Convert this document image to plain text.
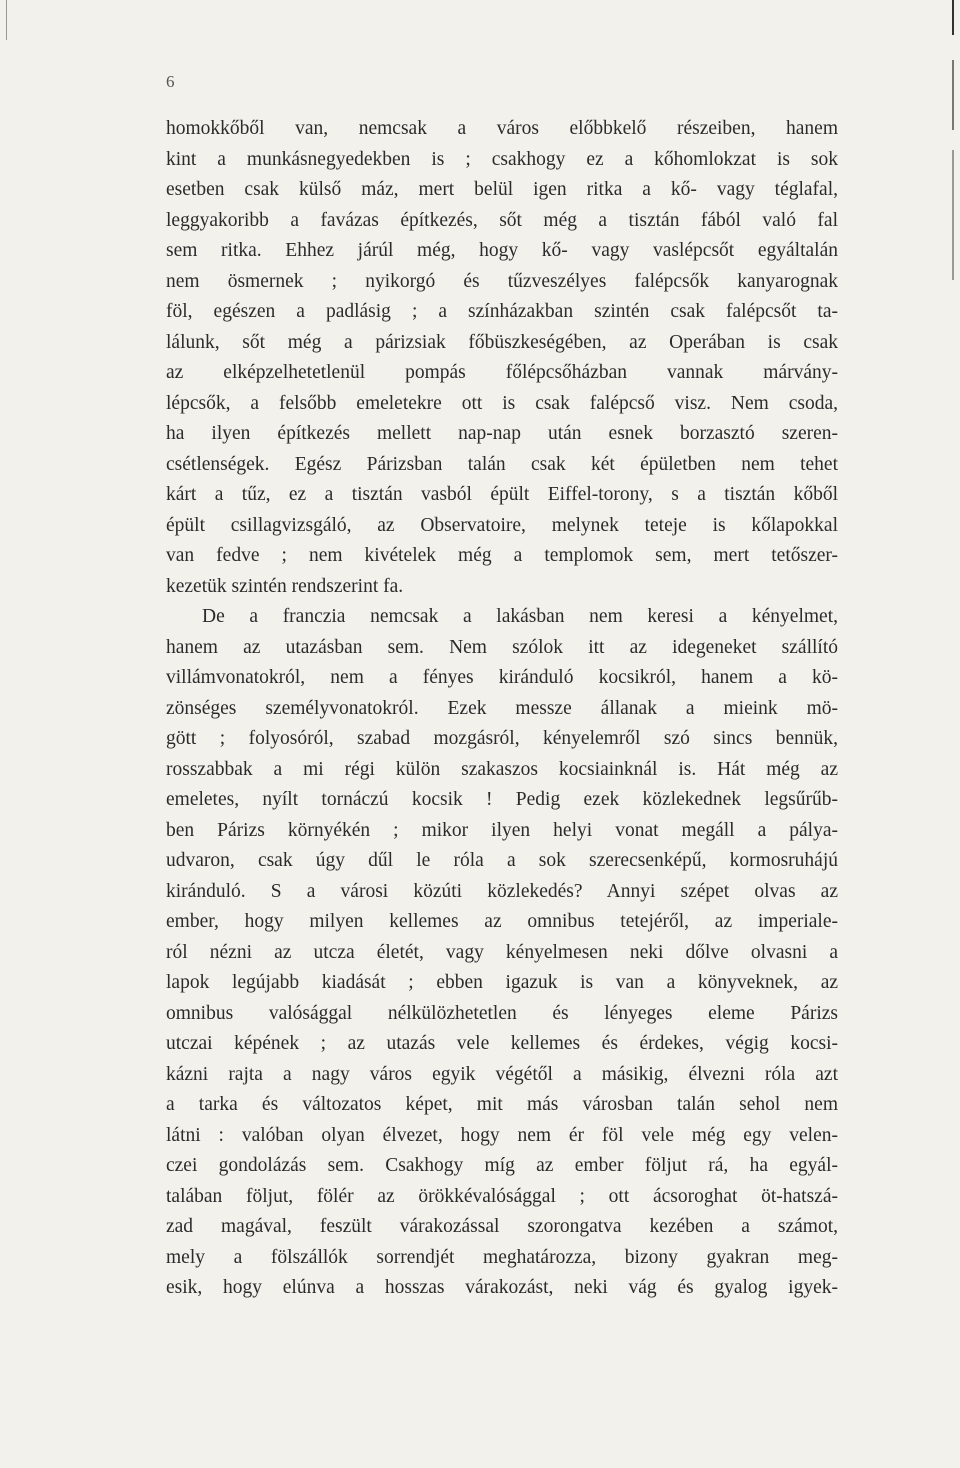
6
homokkőből van, nemcsak a város előbbkelő részeiben, hanem
kint a munkásnegyedekben is ; csakhogy ez a kőhomlokzat is sok
esetben csak külső máz, mert belül igen ritka a kő- vagy téglafal,
leggyakoribb a favázas építkezés, sőt még a tisztán fából való fal
sem ritka. Ehhez járúl még, hogy kő- vagy vaslépcsőt egyáltalán
nem ösmernek ; nyikorgó és tűzveszélyes falépcsők kanyarognak
föl, egészen a padlásig ; a színházakban szintén csak falépcsőt ta-
lálunk, sőt még a párizsiak főbüszkeségében, az Operában is csak
az elképzelhetetlenül pompás főlépcsőházban vannak márvány-
lépcsők, a felsőbb emeletekre ott is csak falépcső visz. Nem csoda,
ha ilyen építkezés mellett nap-nap után esnek borzasztó szeren-
csétlenségek. Egész Párizsban talán csak két épületben nem tehet
kárt a tűz, ez a tisztán vasból épült Eiffel-torony, s a tisztán kőből
épült csillagvizsgáló, az Observatoire, melynek teteje is kőlapokkal
van fedve ; nem kivételek még a templomok sem, mert tetőszer-
kezetük szintén rendszerint fa.
De a franczia nemcsak a lakásban nem keresi a kényelmet,
hanem az utazásban sem. Nem szólok itt az idegeneket szállító
villámvonatokról, nem a fényes kiránduló kocsikról, hanem a kö-
zönséges személyvonatokról. Ezek messze állanak a mieink mö-
gött ; folyosóról, szabad mozgásról, kényelemről szó sincs bennük,
rosszabbak a mi régi külön szakaszos kocsiainknál is. Hát még az
emeletes, nyílt tornáczú kocsik ! Pedig ezek közlekednek legsűrűb-
ben Párizs környékén ; mikor ilyen helyi vonat megáll a pálya-
udvaron, csak úgy dűl le róla a sok szerecsenképű, kormosruhájú
kiránduló. S a városi közúti közlekedés? Annyi szépet olvas az
ember, hogy milyen kellemes az omnibus tetejéről, az imperiale-
ról nézni az utcza életét, vagy kényelmesen neki dőlve olvasni a
lapok legújabb kiadását ; ebben igazuk is van a könyveknek, az
omnibus valósággal nélkülözhetetlen és lényeges eleme Párizs
utczai képének ; az utazás vele kellemes és érdekes, végig kocsi-
kázni rajta a nagy város egyik végétől a másikig, élvezni róla azt
a tarka és változatos képet, mit más városban talán sehol nem
látni : valóban olyan élvezet, hogy nem ér föl vele még egy velen-
czei gondolázás sem. Csakhogy míg az ember följut rá, ha egyál-
talában följut, fölér az örökkévalósággal ; ott ácsoroghat öt-hatszá-
zad magával, feszült várakozással szorongatva kezében a számot,
mely a fölszállók sorrendjét meghatározza, bizony gyakran meg-
esik, hogy elúnva a hosszas várakozást, neki vág és gyalog igyek-
